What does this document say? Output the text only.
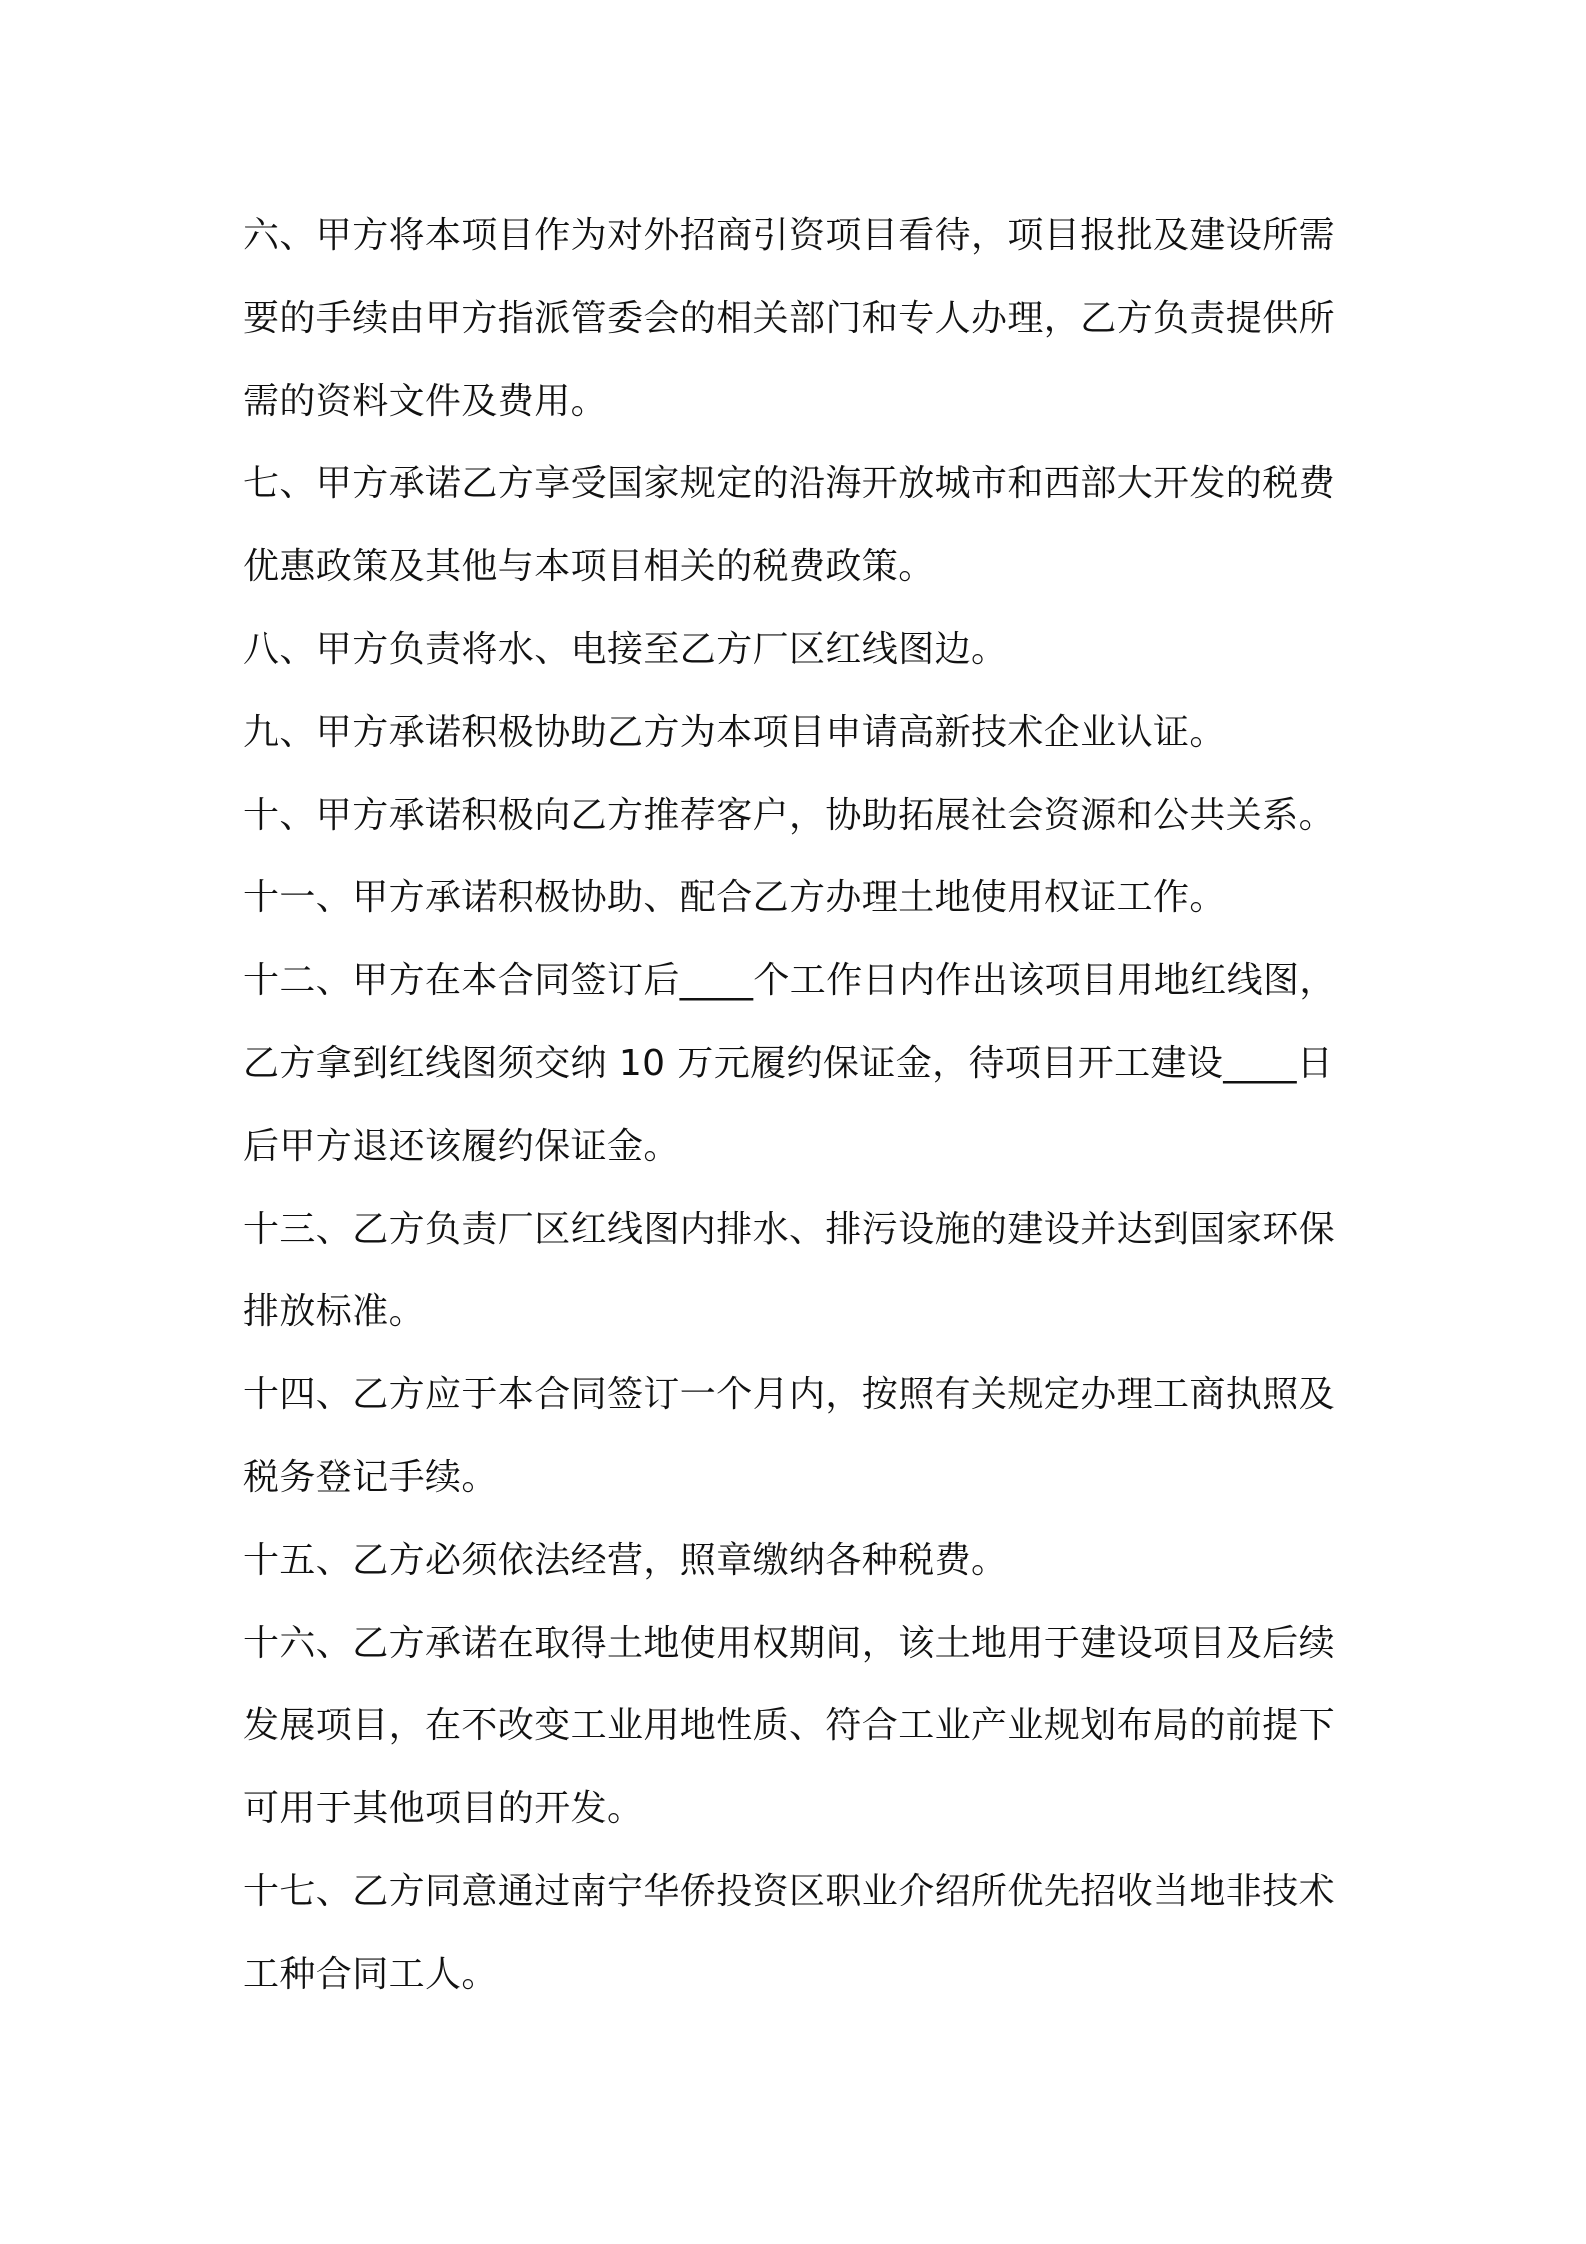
六、甲方将本项目作为对外招商引资项目看待，项目报批及建设所需
要的手续由甲方指派管委会的相关部门和专人办理，乙方负责提供所
需的资料文件及费用。
七、甲方承诺乙方享受国家规定的沿海开放城市和西部大开发的税费
优惠政策及其他与本项目相关的税费政策。
八、甲方负责将水、电接至乙方厂区红线图边。
九、甲方承诺积极协助乙方为本项目申请高新技术企业认证。
十、甲方承诺积极向乙方推荐客户，协助拓展社会资源和公共关系。
十一、甲方承诺积极协助、配合乙方办理土地使用权证工作。
十二、甲方在本合同签订后____个工作日内作出该项目用地红线图，
乙方拿到红线图须交纳 10 万元履约保证金，待项目开工建设____日
后甲方退还该履约保证金。
十三、乙方负责厂区红线图内排水、排污设施的建设并达到国家环保
排放标准。
十四、乙方应于本合同签订一个月内，按照有关规定办理工商执照及
税务登记手续。
十五、乙方必须依法经营，照章缴纳各种税费。
十六、乙方承诺在取得土地使用权期间，该土地用于建设项目及后续
发展项目，在不改变工业用地性质、符合工业产业规划布局的前提下
可用于其他项目的开发。
十七、乙方同意通过南宁华侨投资区职业介绍所优先招收当地非技术
工种合同工人。
